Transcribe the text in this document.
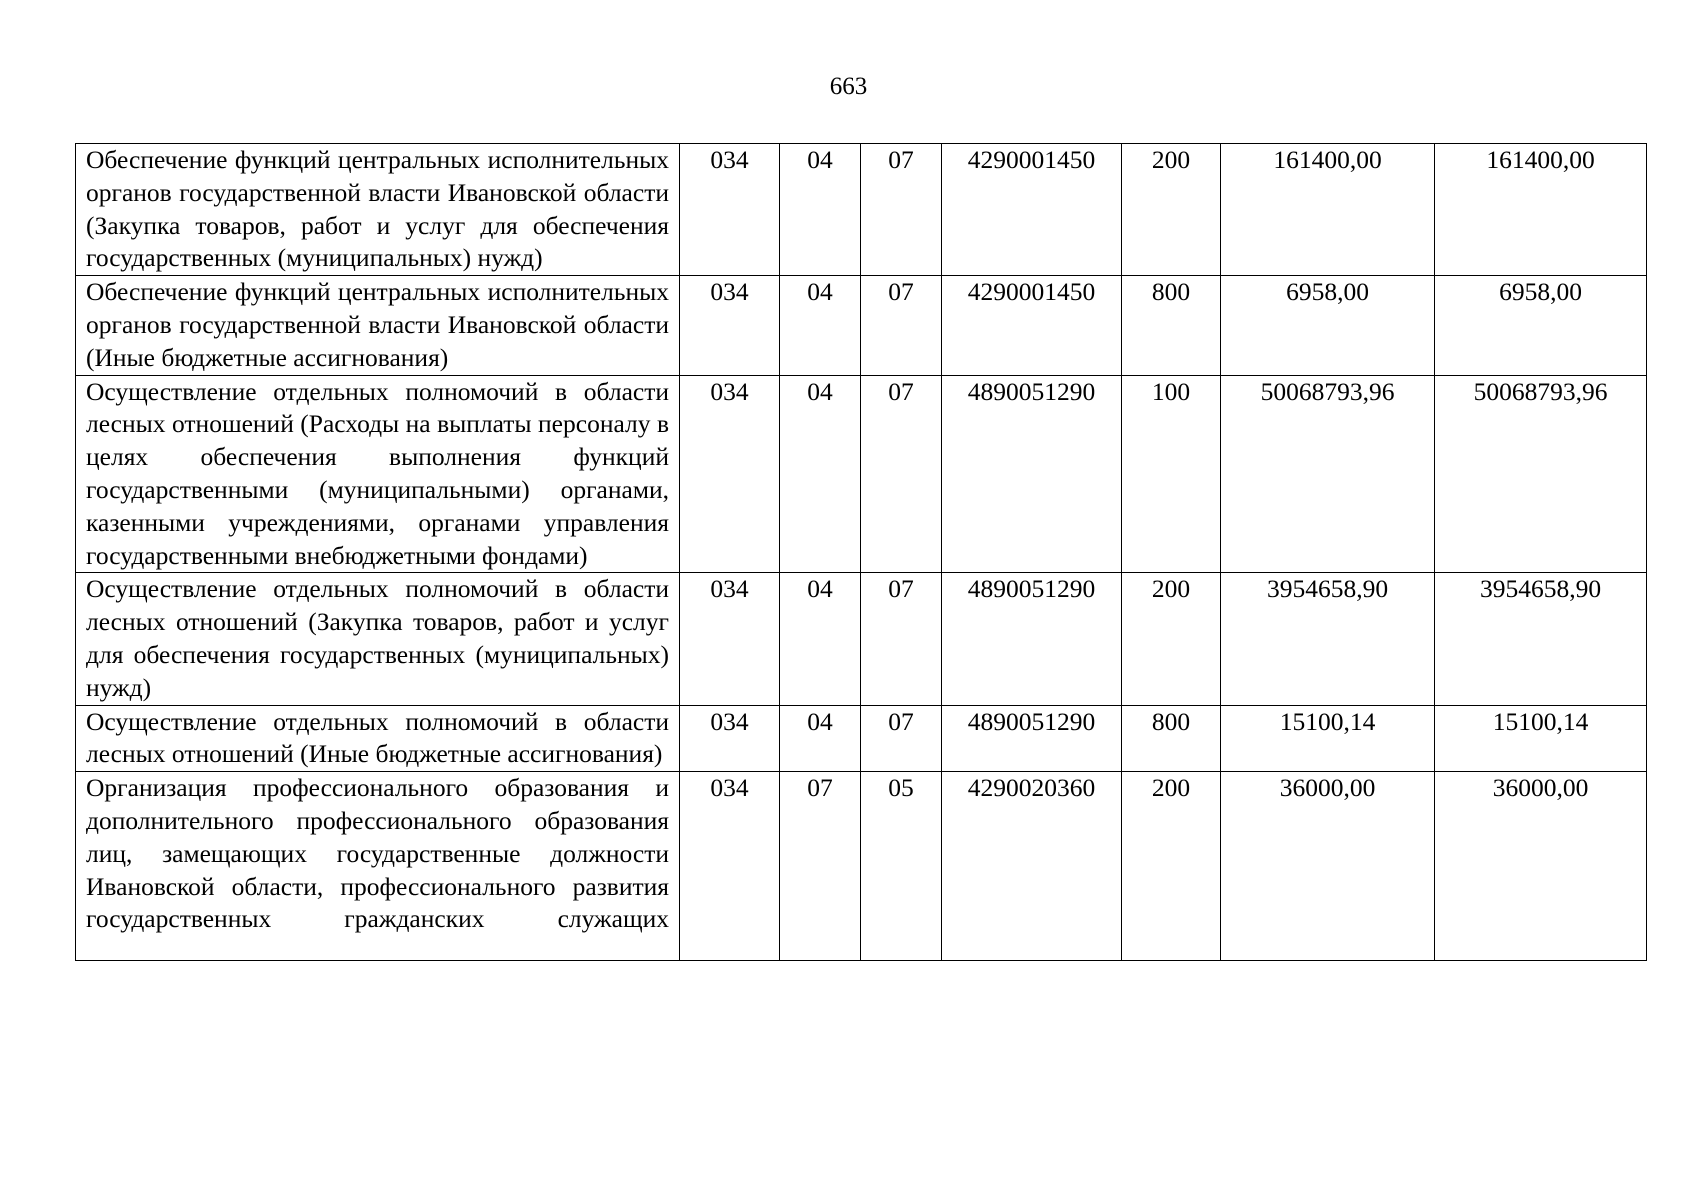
663
Обеспечение функций центральных исполнительных органов государственной власти Ивановской области (Закупка товаров, работ и услуг для обеспечения государственных (муниципальных) нужд)	034	04	07	4290001450	200	161400,00	161400,00
Обеспечение функций центральных исполнительных органов государственной власти Ивановской области (Иные бюджетные ассигнования)	034	04	07	4290001450	800	6958,00	6958,00
Осуществление отдельных полномочий в области лесных отношений (Расходы на выплаты персоналу в целях обеспечения выполнения функций государственными (муниципальными) органами, казенными учреждениями, органами управления государственными внебюджетными фондами)	034	04	07	4890051290	100	50068793,96	50068793,96
Осуществление отдельных полномочий в области лесных отношений (Закупка товаров, работ и услуг для обеспечения государственных (муниципальных) нужд)	034	04	07	4890051290	200	3954658,90	3954658,90
Осуществление отдельных полномочий в области лесных отношений (Иные бюджетные ассигнования)	034	04	07	4890051290	800	15100,14	15100,14

Организация профессионального образования и дополнительного профессионального образования лиц, замещающих государственные должности Ивановской области, профессионального развития государственных гражданских служащих	034	07	05	4290020360	200	36000,00	36000,00
